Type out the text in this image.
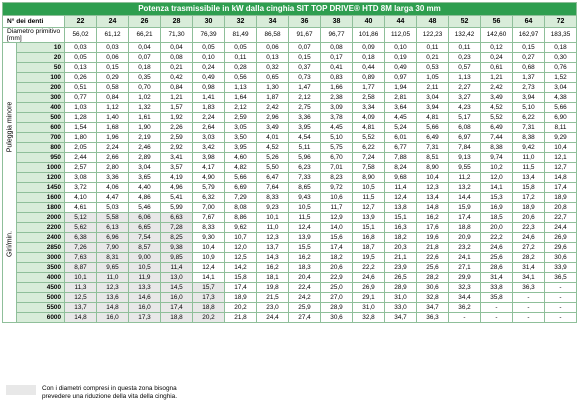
Potenza trasmissibile in kW dalla cinghia SIT TOP DRIVE® HTD 8M larga 30 mm																	
N° dei denti		22	24	26	28	30	32	34	36	38	40	44	48	52	56	64	72
Diametro primitivo
[mm]		56,02	61,12	66,21	71,30	76,39	81,49	86,58	91,67	96,77	101,86	112,05	122,23	132,42	142,60	162,97	183,35

Puleggia minore
Giri/min.	10	0,03	0,03	0,04	0,04	0,05	0,05	0,06	0,07	0,08	0,09	0,10	0,11	0,11	0,12	0,15	0,18
	20	0,05	0,06	0,07	0,08	0,10	0,11	0,13	0,15	0,17	0,18	0,19	0,21	0,23	0,24	0,27	0,30
	50	0,13	0,15	0,18	0,21	0,24	0,28	0,32	0,37	0,41	0,44	0,49	0,53	0,57	0,61	0,68	0,76
	100	0,26	0,29	0,35	0,42	0,49	0,56	0,65	0,73	0,83	0,89	0,97	1,05	1,13	1,21	1,37	1,52
	200	0,51	0,58	0,70	0,84	0,98	1,13	1,30	1,47	1,66	1,77	1,94	2,11	2,27	2,42	2,73	3,04
	300	0,77	0,84	1,02	1,21	1,41	1,64	1,87	2,12	2,38	2,58	2,81	3,04	3,27	3,49	3,94	4,38
	400	1,03	1,12	1,32	1,57	1,83	2,12	2,42	2,75	3,09	3,34	3,64	3,94	4,23	4,52	5,10	5,66
	500	1,28	1,40	1,61	1,92	2,24	2,59	2,96	3,36	3,78	4,09	4,45	4,81	5,17	5,52	6,22	6,90
	600	1,54	1,68	1,90	2,26	2,64	3,05	3,49	3,95	4,45	4,81	5,24	5,66	6,08	6,49	7,31	8,11
	700	1,80	1,96	2,19	2,59	3,03	3,50	4,01	4,54	5,10	5,52	6,01	6,49	6,97	7,44	8,38	9,29
	800	2,05	2,24	2,46	2,92	3,42	3,95	4,52	5,11	5,75	6,22	6,77	7,31	7,84	8,38	9,42	10,4
	950	2,44	2,66	2,89	3,41	3,98	4,60	5,26	5,96	6,70	7,24	7,88	8,51	9,13	9,74	11,0	12,1
	1000	2,57	2,80	3,04	3,57	4,17	4,82	5,50	6,23	7,01	7,58	8,24	8,90	9,55	10,2	11,5	12,7
	1200	3,08	3,36	3,65	4,19	4,90	5,66	6,47	7,33	8,23	8,90	9,68	10,4	11,2	12,0	13,4	14,8
	1450	3,72	4,06	4,40	4,96	5,79	6,69	7,64	8,65	9,72	10,5	11,4	12,3	13,2	14,1	15,8	17,4
	1600	4,10	4,47	4,86	5,41	6,32	7,29	8,33	9,43	10,6	11,5	12,4	13,4	14,4	15,3	17,2	18,9
	1800	4,61	5,03	5,46	5,99	7,00	8,08	9,23	10,5	11,7	12,7	13,8	14,8	15,9	16,9	18,9	20,8
	2000	5,12	5,58	6,06	6,63	7,67	8,86	10,1	11,5	12,9	13,9	15,1	16,2	17,4	18,5	20,6	22,7
	2200	5,62	6,13	6,65	7,28	8,33	9,62	11,0	12,4	14,0	15,1	16,3	17,6	18,8	20,0	22,3	24,4
	2400	6,38	6,96	7,54	8,25	9,30	10,7	12,3	13,9	15,6	16,8	18,2	19,6	20,9	22,2	24,6	26,9
	2850	7,26	7,90	8,57	9,38	10,4	12,0	13,7	15,5	17,4	18,7	20,3	21,8	23,2	24,6	27,2	29,6
	3000	7,63	8,31	9,00	9,85	10,9	12,5	14,3	16,2	18,2	19,5	21,1	22,6	24,1	25,6	28,2	30,6
	3500	8,87	9,65	10,5	11,4	12,4	14,2	16,2	18,3	20,6	22,2	23,9	25,6	27,1	28,6	31,4	33,9
	4000	10,1	11,0	11,9	13,0	14,1	15,8	18,1	20,4	22,9	24,6	26,5	28,2	29,9	31,4	34,1	36,5
	4500	11,3	12,3	13,3	14,5	15,7	17,4	19,8	22,4	25,0	26,9	28,9	30,6	32,3	33,8	36,3	-
	5000	12,5	13,6	14,6	16,0	17,3	18,9	21,5	24,2	27,0	29,1	31,0	32,8	34,4	35,8	-	-
	5500	13,7	14,8	16,0	17,4	18,8	20,2	23,0	25,9	28,9	31,0	33,0	34,7	36,2	-	-	-
	6000	14,8	16,0	17,3	18,8	20,2	21,8	24,4	27,4	30,6	32,8	34,7	36,3	-	-	-	-
Con i diametri compresi in questa zona bisogna
prevedere una riduzione della vita della cinghia.
